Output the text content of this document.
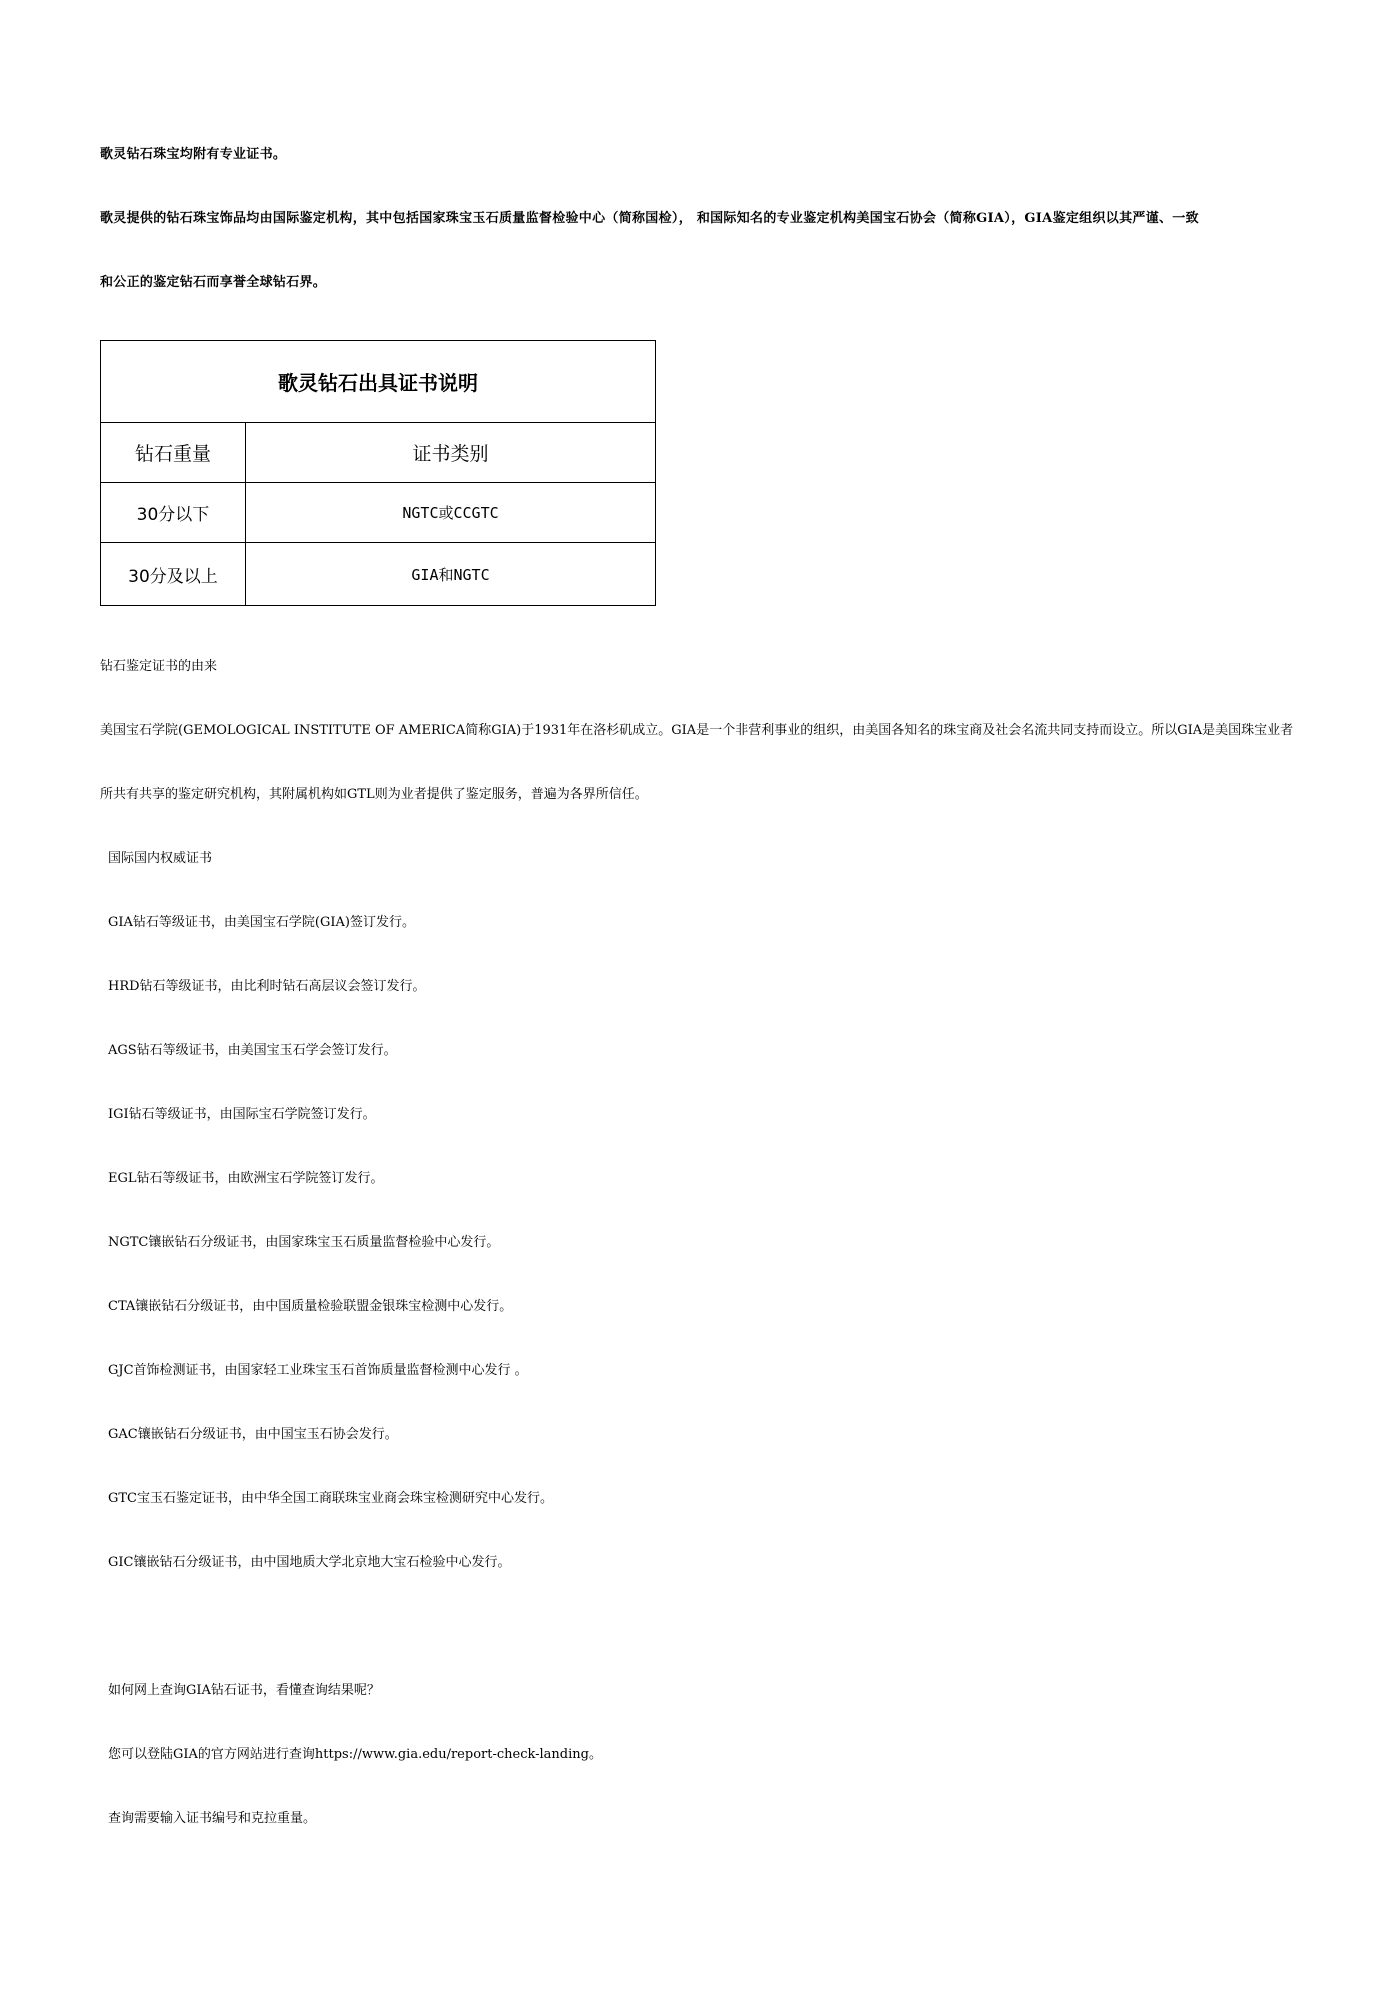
歌灵钻石珠宝均附有专业证书。
歌灵提供的钻石珠宝饰品均由国际鉴定机构，其中包括国家珠宝玉石质量监督检验中心（简称国检）， 和国际知名的专业鉴定机构美国宝石协会（简称GIA），GIA鉴定组织以其严谨、一致
和公正的鉴定钻石而享誉全球钻石界。
歌灵钻石出具证书说明
钻石重量	证书类别
30分以下	NGTC或CCGTC
30分及以上	GIA和NGTC
钻石鉴定证书的由来
美国宝石学院(GEMOLOGICAL INSTITUTE OF AMERICA简称GIA)于1931年在洛杉矶成立。GIA是一个非营利事业的组织，由美国各知名的珠宝商及社会名流共同支持而设立。所以GIA是美国珠宝业者
所共有共享的鉴定研究机构，其附属机构如GTL则为业者提供了鉴定服务，普遍为各界所信任。
国际国内权威证书
GIA钻石等级证书，由美国宝石学院(GIA)签订发行。
HRD钻石等级证书，由比利时钻石高层议会签订发行。
AGS钻石等级证书，由美国宝玉石学会签订发行。
IGI钻石等级证书，由国际宝石学院签订发行。
EGL钻石等级证书，由欧洲宝石学院签订发行。
NGTC镶嵌钻石分级证书，由国家珠宝玉石质量监督检验中心发行。
CTA镶嵌钻石分级证书，由中国质量检验联盟金银珠宝检测中心发行。
GJC首饰检测证书，由国家轻工业珠宝玉石首饰质量监督检测中心发行 。
GAC镶嵌钻石分级证书，由中国宝玉石协会发行。
GTC宝玉石鉴定证书，由中华全国工商联珠宝业商会珠宝检测研究中心发行。
GIC镶嵌钻石分级证书，由中国地质大学北京地大宝石检验中心发行。
如何网上查询GIA钻石证书，看懂查询结果呢？
您可以登陆GIA的官方网站进行查询https://www.gia.edu/report-check-landing。
查询需要输入证书编号和克拉重量。
